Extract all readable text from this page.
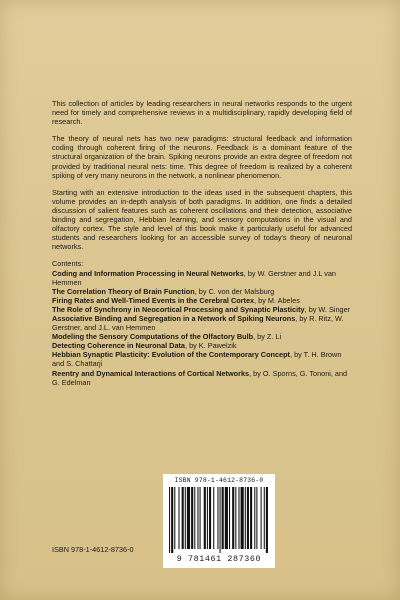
This collection of articles by leading researchers in neural networks responds to the urgent need for timely and comprehensive reviews in a multidisciplinary, rapidly developing field of research.

The theory of neural nets has two new paradigms: structural feedback and information coding through coherent firing of the neurons. Feedback is a dominant feature of the structural organization of the brain. Spiking neurons provide an extra degree of freedom not provided by traditional neural nets: time. This degree of freedom is realized by a coherent spiking of very many neurons in the network, a nonlinear phenomenon.

Starting with an extensive introduction to the ideas used in the subsequent chapters, this volume provides an in-depth analysis of both paradigms. In addition, one finds a detailed discussion of salient features such as coherent oscillations and their detection, associative binding and segregation, Hebbian learning, and sensory computations in the visual and olfactory cortex. The style and level of this book make it particularly useful for advanced students and researchers looking for an accessible survey of today's theory of neuronal networks.

Contents:
Coding and Information Processing in Neural Networks, by W. Gerstner and J.L van Hemmen
The Correlation Theory of Brain Function, by C. von der Malsburg
Firing Rates and Well-Timed Events in the Cerebral Cortex, by M. Abeles
The Role of Synchrony in Neocortical Processing and Synaptic Plasticity, by W. Singer
Associative Binding and Segregation in a Network of Spiking Neurons, by R. Ritz, W. Gerstner, and J.L. van Hemmen
Modeling the Sensory Computations of the Olfactory Bulb, by Z. Li
Detecting Coherence in Neuronal Data, by K. Pawelzik
Hebbian Synaptic Plasticity: Evolution of the Contemporary Concept, by T. H. Brown and S. Chattarji
Reentry and Dynamical Interactions of Cortical Networks, by O. Sporns, G. Tononi, and G. Edelman
ISBN 978-1-4612-8736-0
ISBN 978-1-4612-8736-0
9 781461 287360
